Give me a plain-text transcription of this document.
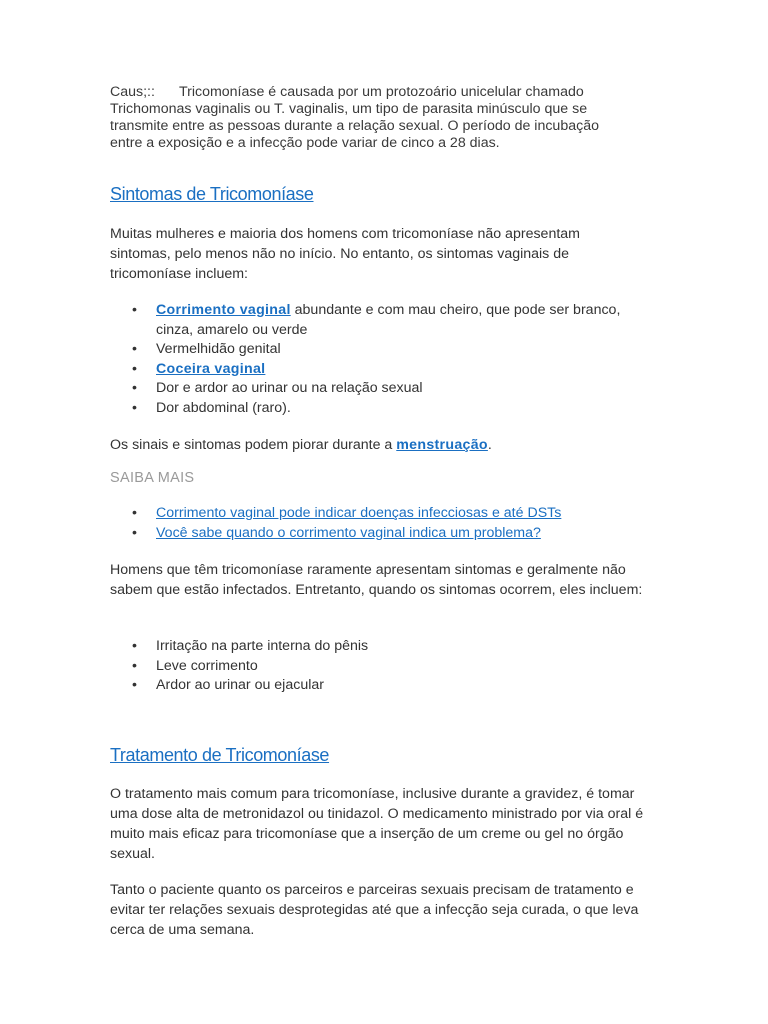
Caus;:: Tricomoníase é causada por um protozoário unicelular chamado
Trichomonas vaginalis ou T. vaginalis, um tipo de parasita minúsculo que se
transmite entre as pessoas durante a relação sexual. O período de incubação
entre a exposição e a infecção pode variar de cinco a 28 dias.

Sintomas de Tricomoníase

Muitas mulheres e maioria dos homens com tricomoníase não apresentam sintomas, pelo menos não no início. No entanto, os sintomas vaginais de tricomoníase incluem:

• Corrimento vaginal abundante e com mau cheiro, que pode ser branco, cinza, amarelo ou verde
• Vermelhidão genital
• Coceira vaginal
• Dor e ardor ao urinar ou na relação sexual
• Dor abdominal (raro).

Os sinais e sintomas podem piorar durante a menstruação.

SAIBA MAIS
• Corrimento vaginal pode indicar doenças infecciosas e até DSTs
• Você sabe quando o corrimento vaginal indica um problema?

Homens que têm tricomoníase raramente apresentam sintomas e geralmente não sabem que estão infectados. Entretanto, quando os sintomas ocorrem, eles incluem:

• Irritação na parte interna do pênis
• Leve corrimento
• Ardor ao urinar ou ejacular
Tratamento de Tricomoníase

O tratamento mais comum para tricomoníase, inclusive durante a gravidez, é tomar uma dose alta de metronidazol ou tinidazol. O medicamento ministrado por via oral é muito mais eficaz para tricomoníase que a inserção de um creme ou gel no órgão sexual.

Tanto o paciente quanto os parceiros e parceiras sexuais precisam de tratamento e evitar ter relações sexuais desprotegidas até que a infecção seja curada, o que leva cerca de uma semana.
